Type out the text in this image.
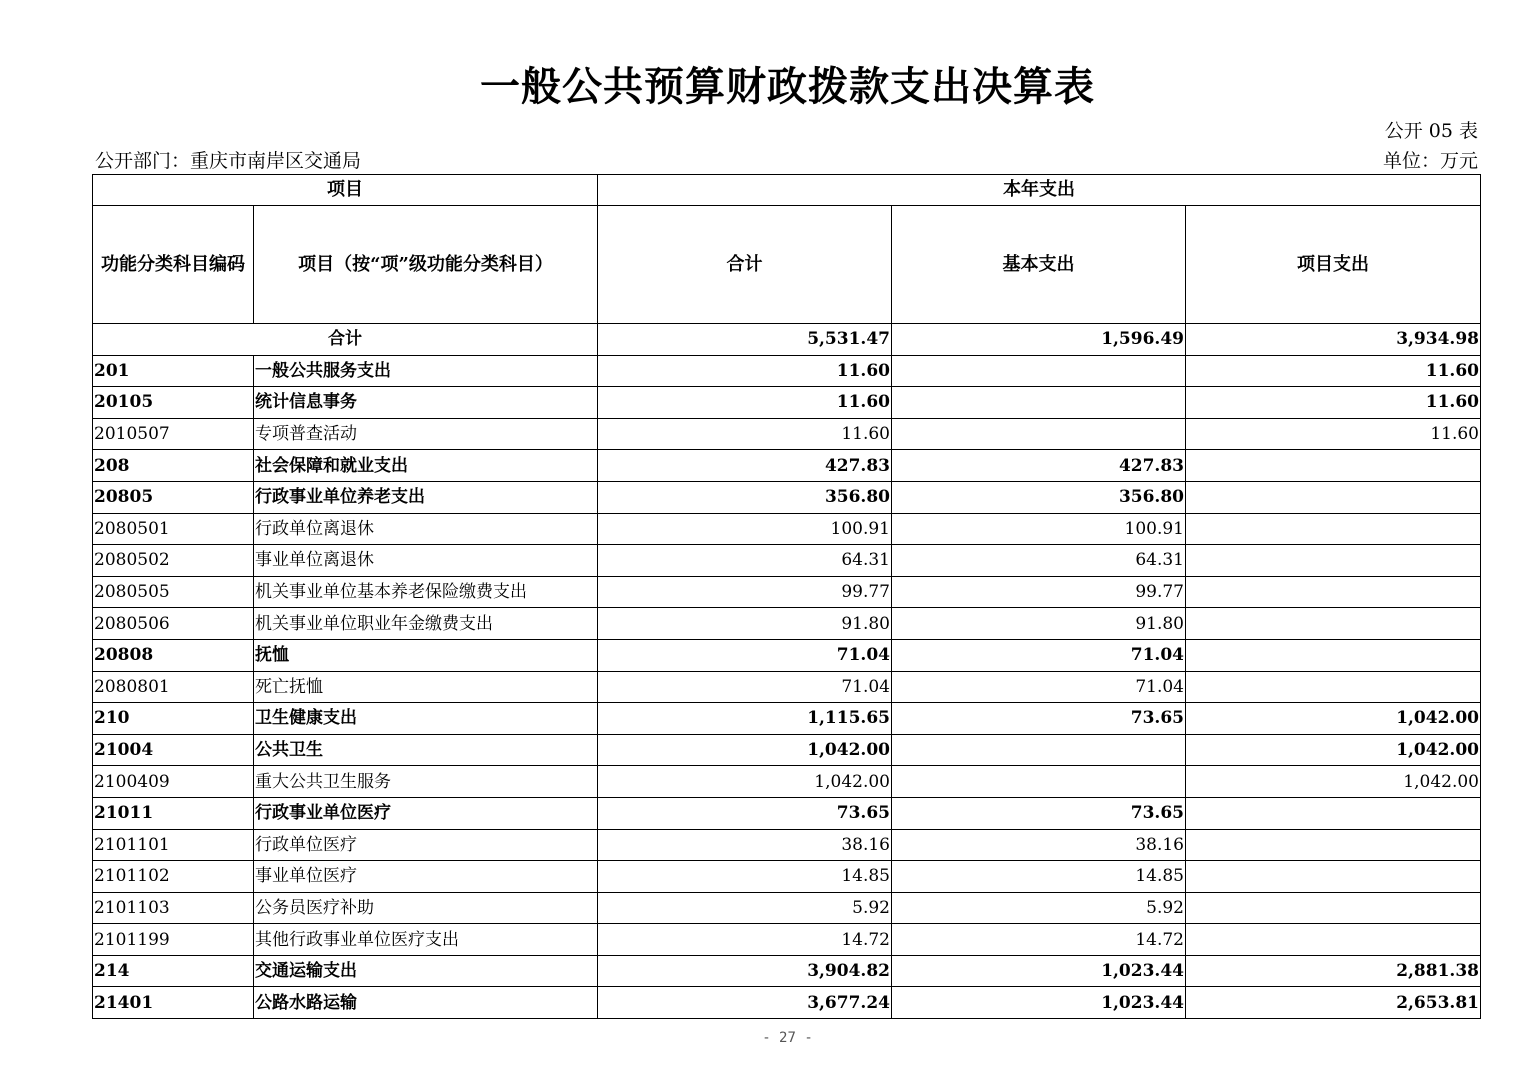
一般公共预算财政拨款支出决算表
公开 05 表
公开部门：重庆市南岸区交通局	单位：万元
项目		本年支出		
功能分类科目编码	项目（按“项”级功能分类科目）	合计	基本支出	项目支出
合计		5,531.47	1,596.49	3,934.98
201	一般公共服务支出	11.60		11.60
20105	统计信息事务	11.60		11.60
2010507	专项普查活动	11.60		11.60
208	社会保障和就业支出	427.83	427.83	
20805	行政事业单位养老支出	356.80	356.80	
2080501	行政单位离退休	100.91	100.91	
2080502	事业单位离退休	64.31	64.31	
2080505	机关事业单位基本养老保险缴费支出	99.77	99.77	
2080506	机关事业单位职业年金缴费支出	91.80	91.80	
20808	抚恤	71.04	71.04	
2080801	死亡抚恤	71.04	71.04	
210	卫生健康支出	1,115.65	73.65	1,042.00
21004	公共卫生	1,042.00		1,042.00
2100409	重大公共卫生服务	1,042.00		1,042.00
21011	行政事业单位医疗	73.65	73.65	
2101101	行政单位医疗	38.16	38.16	
2101102	事业单位医疗	14.85	14.85	
2101103	公务员医疗补助	5.92	5.92	
2101199	其他行政事业单位医疗支出	14.72	14.72	
214	交通运输支出	3,904.82	1,023.44	2,881.38
21401	公路水路运输	3,677.24	1,023.44	2,653.81
- 27 -
